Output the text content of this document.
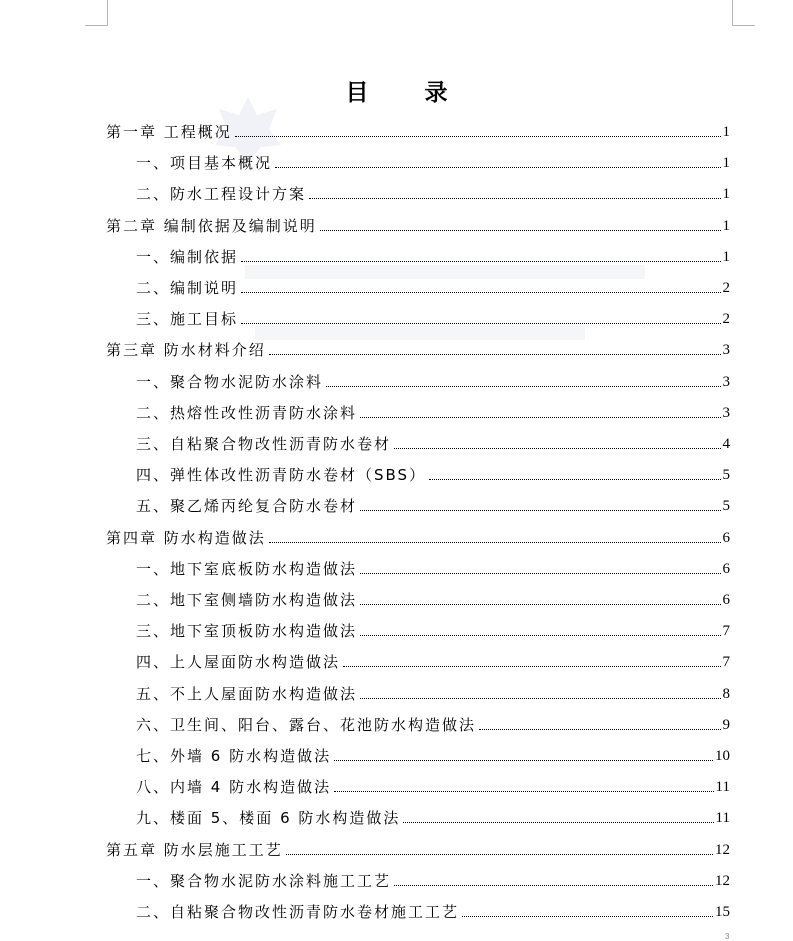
目 录
第一章 工程概况	1
一、项目基本概况	1
二、防水工程设计方案	1
第二章 编制依据及编制说明	1
一、编制依据	1
二、编制说明	2
三、施工目标	2
第三章 防水材料介绍	3
一、聚合物水泥防水涂料	3
二、热熔性改性沥青防水涂料	3
三、自粘聚合物改性沥青防水卷材	4
四、弹性体改性沥青防水卷材（SBS）	5
五、聚乙烯丙纶复合防水卷材	5
第四章 防水构造做法	6
一、地下室底板防水构造做法	6
二、地下室侧墙防水构造做法	6
三、地下室顶板防水构造做法	7
四、上人屋面防水构造做法	7
五、不上人屋面防水构造做法	8
六、卫生间、阳台、露台、花池防水构造做法	9
七、外墙 6 防水构造做法	10
八、内墙 4 防水构造做法	11
九、楼面 5、楼面 6 防水构造做法	11
第五章 防水层施工工艺	12
一、聚合物水泥防水涂料施工工艺	12
二、自粘聚合物改性沥青防水卷材施工工艺	15
3
